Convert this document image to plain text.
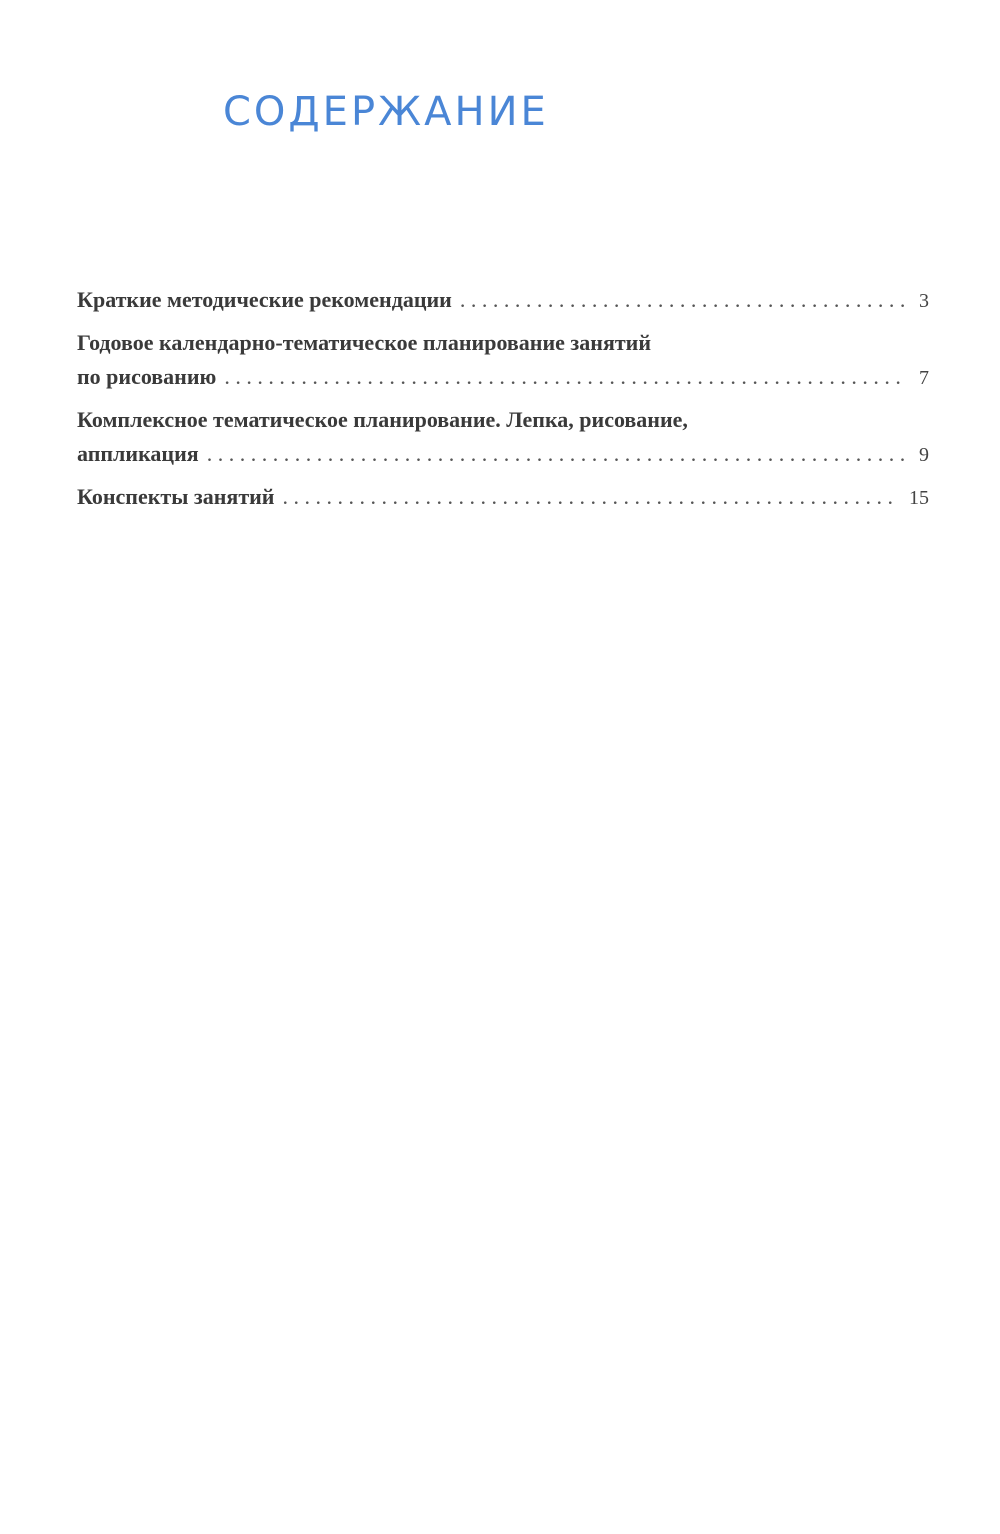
СОДЕРЖАНИЕ
Краткие методические рекомендации . . .	3
Годовое календарно-тематическое планирование занятий
по рисованию . . .	7
Комплексное тематическое планирование. Лепка, рисование,
аппликация . . .	9
Конспекты занятий . . .	15
